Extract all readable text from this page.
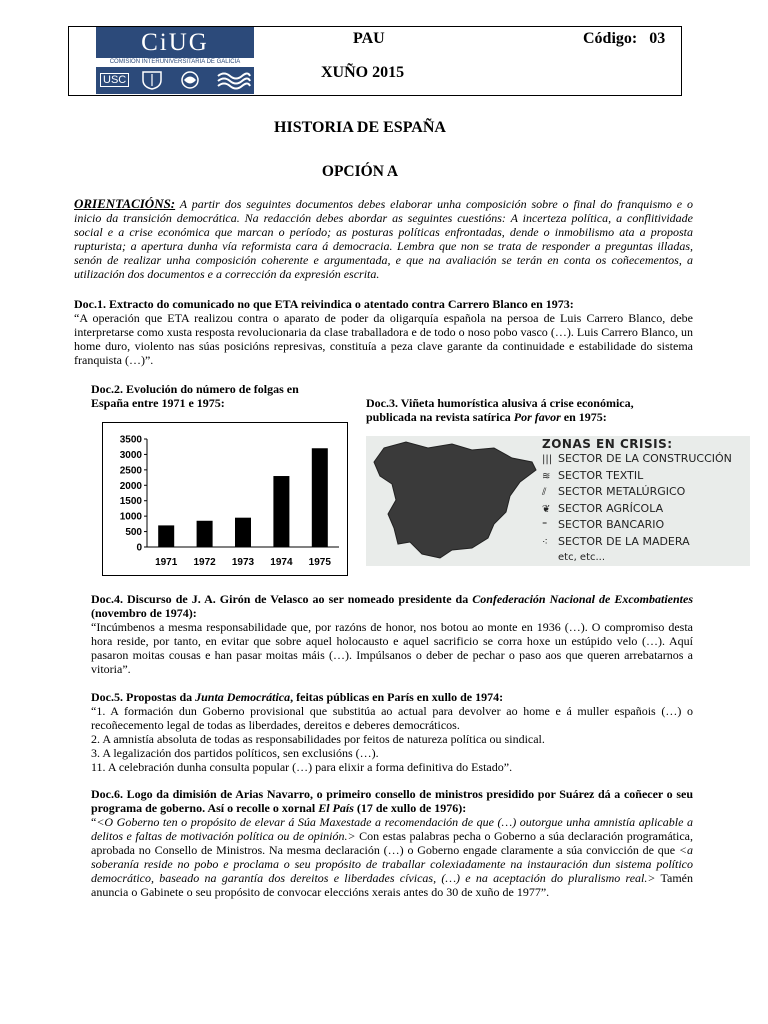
CiUG
COMISIÓN INTERUNIVERSITARIA DE GALICIA
USC
PAU
XUÑO 2015
Código: 03
HISTORIA DE ESPAÑA
OPCIÓN A

ORIENTACIÓNS: A partir dos seguintes documentos debes elaborar unha composición sobre o final do franquismo e o inicio da transición democrática. Na redacción debes abordar as seguintes cuestións: A incerteza política, a conflitividade social e a crise económica que marcan o período; as posturas políticas enfrontadas, dende o inmobilismo ata a proposta rupturista; a apertura dunha vía reformista cara á democracia. Lembra que non se trata de responder a preguntas illadas, senón de realizar unha composición coherente e argumentada, e que na avaliación se terán en conta os coñecementos, a utilización dos documentos e a corrección da expresión escrita.

Doc.1. Extracto do comunicado no que ETA reivindica o atentado contra Carrero Blanco en 1973:

“A operación que ETA realizou contra o aparato de poder da oligarquía española na persoa de Luis Carrero Blanco, debe interpretarse como xusta resposta revolucionaria da clase traballadora e de todo o noso pobo vasco (…). Luis Carrero Blanco, un home duro, violento nas súas posicións represivas, constituía a peza clave garante da continuidade e estabilidade do sistema franquista (…)”.

Doc.2. Evolución do número de folgas en
España entre 1971 e 1975:
0
500
1000
1500
2000
2500
3000
3500
1971 1972 1973 1974 1975
Doc.3. Viñeta humorística alusiva á crise económica,
publicada na revista satírica Por favor en 1975:
ZONAS EN CRISIS:
||| SECTOR DE LA CONSTRUCCIÓN
≋ SECTOR TEXTIL
⫽ SECTOR METALÚRGICO
❦ SECTOR AGRÍCOLA
⁼ SECTOR BANCARIO
⁖ SECTOR DE LA MADERA
etc, etc...

Doc.4. Discurso de J. A. Girón de Velasco ao ser nomeado presidente da Confederación Nacional de Excombatientes (novembro de 1974):

“Incúmbenos a mesma responsabilidade que, por razóns de honor, nos botou ao monte en 1936 (…). O compromiso desta hora reside, por tanto, en evitar que sobre aquel holocausto e aquel sacrificio se corra hoxe un estúpido velo (…). Aquí pasaron moitas cousas e han pasar moitas máis (…). Impúlsanos o deber de pechar o paso aos que queren arrebatarnos a vitoria”.

Doc.5. Propostas da Junta Democrática, feitas públicas en París en xullo de 1974:

“1. A formación dun Goberno provisional que substitúa ao actual para devolver ao home e á muller españois (…) o recoñecemento legal de todas as liberdades, dereitos e deberes democráticos.
2. A amnistía absoluta de todas as responsabilidades por feitos de natureza política ou sindical.
3. A legalización dos partidos políticos, sen exclusións (…).
11. A celebración dunha consulta popular (…) para elixir a forma definitiva do Estado”.

Doc.6. Logo da dimisión de Arias Navarro, o primeiro consello de ministros presidido por Suárez dá a coñecer o seu programa de goberno. Así o recolle o xornal El País (17 de xullo de 1976):

“<O Goberno ten o propósito de elevar á Súa Maxestade a recomendación de que (…) outorgue unha amnistía aplicable a delitos e faltas de motivación política ou de opinión.> Con estas palabras pecha o Goberno a súa declaración programática, aprobada no Consello de Ministros. Na mesma declaración (…) o Goberno engade claramente a súa convicción de que <a soberanía reside no pobo e proclama o seu propósito de traballar colexiadamente na instauración dun sistema político democrático, baseado na garantía dos dereitos e liberdades cívicas, (…) e na aceptación do pluralismo real.> Tamén anuncia o Gabinete o seu propósito de convocar eleccións xerais antes do 30 de xuño de 1977”.
